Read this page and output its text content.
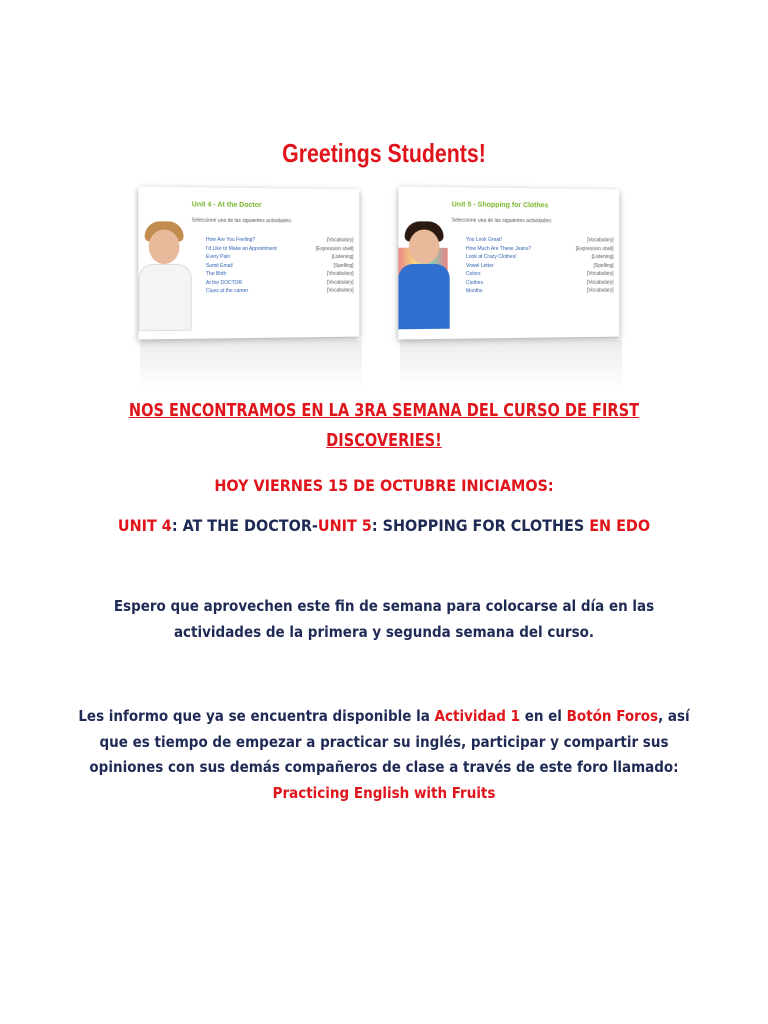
Greetings Students!
Unit 4 - At the Doctor
Seleccione una de las siguientes actividades:
How Are You Feeling?	[Vocabulary]
I'd Like to Make an Appointment	[Expression shell]
Every Pain	[Listening]
Sumit Email	[Spelling]
The Birth	[Vocabulary]
At the DOCTOR	[Vocabulary]
Clues at the career	[Vocabulary]
Unit 5 - Shopping for Clothes
Seleccione una de las siguientes actividades:
You Look Great!	[Vocabulary]
How Much Are These Jeans?	[Expression shell]
Look at Crazy Clothes!	[Listening]
Vowel Letter	[Spelling]
Colors	[Vocabulary]
Clothes	[Vocabulary]
Months	[Vocabulary]
NOS ENCONTRAMOS EN LA 3RA SEMANA DEL CURSO DE FIRST
DISCOVERIES!
HOY VIERNES 15 DE OCTUBRE INICIAMOS:
UNIT 4: AT THE DOCTOR-UNIT 5: SHOPPING FOR CLOTHES EN EDO
Espero que aprovechen este fin de semana para colocarse al día en las
actividades de la primera y segunda semana del curso.
Les informo que ya se encuentra disponible la Actividad 1 en el Botón Foros, así
que es tiempo de empezar a practicar su inglés, participar y compartir sus
opiniones con sus demás compañeros de clase a través de este foro llamado:
Practicing English with Fruits
